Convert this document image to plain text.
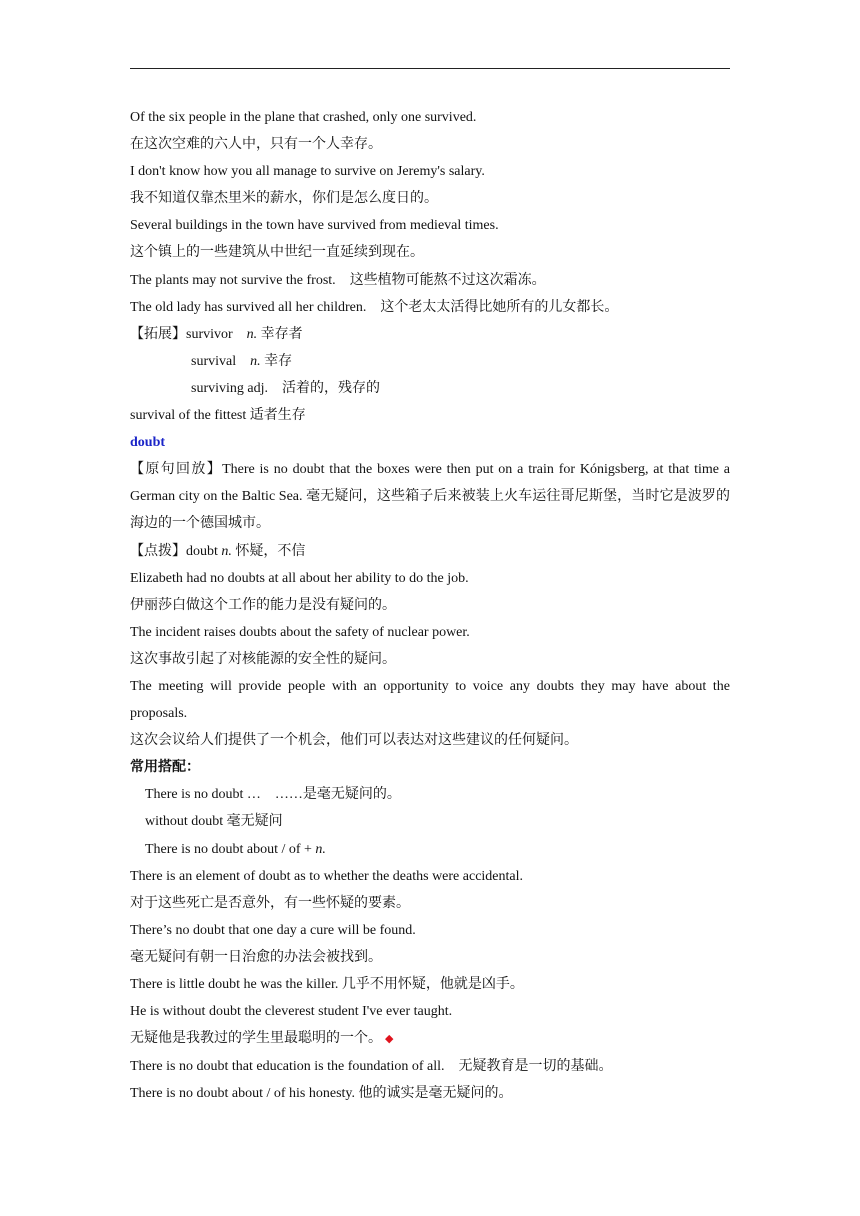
Of the six people in the plane that crashed, only one survived.

在这次空难的六人中，只有一个人幸存。

I don't know how you all manage to survive on Jeremy's salary.

我不知道仅靠杰里米的薪水，你们是怎么度日的。

Several buildings in the town have survived from medieval times.

这个镇上的一些建筑从中世纪一直延续到现在。

The plants may not survive the frost. 这些植物可能熬不过这次霜冻。

The old lady has survived all her children. 这个老太太活得比她所有的儿女都长。

【拓展】survivor n. 幸存者

survival n. 幸存

surviving adj. 活着的，残存的

survival of the fittest 适者生存

doubt

【原句回放】There is no doubt that the boxes were then put on a train for Kónigsberg, at that time a German city on the Baltic Sea. 毫无疑问，这些箱子后来被装上火车运往哥尼斯堡，当时它是波罗的海边的一个德国城市。

【点拨】doubt n. 怀疑，不信

Elizabeth had no doubts at all about her ability to do the job.

伊丽莎白做这个工作的能力是没有疑问的。

The incident raises doubts about the safety of nuclear power.

这次事故引起了对核能源的安全性的疑问。

The meeting will provide people with an opportunity to voice any doubts they may have about the proposals.

这次会议给人们提供了一个机会，他们可以表达对这些建议的任何疑问。

常用搭配：

There is no doubt … ……是毫无疑问的。

without doubt 毫无疑问

There is no doubt about / of + n.

There is an element of doubt as to whether the deaths were accidental.

对于这些死亡是否意外，有一些怀疑的要素。

There’s no doubt that one day a cure will be found.

毫无疑问有朝一日治愈的办法会被找到。

There is little doubt he was the killer. 几乎不用怀疑，他就是凶手。

He is without doubt the cleverest student I've ever taught.

无疑他是我教过的学生里最聪明的一个。 ◆

There is no doubt that education is the foundation of all. 无疑教育是一切的基础。

There is no doubt about / of his honesty. 他的诚实是毫无疑问的。
